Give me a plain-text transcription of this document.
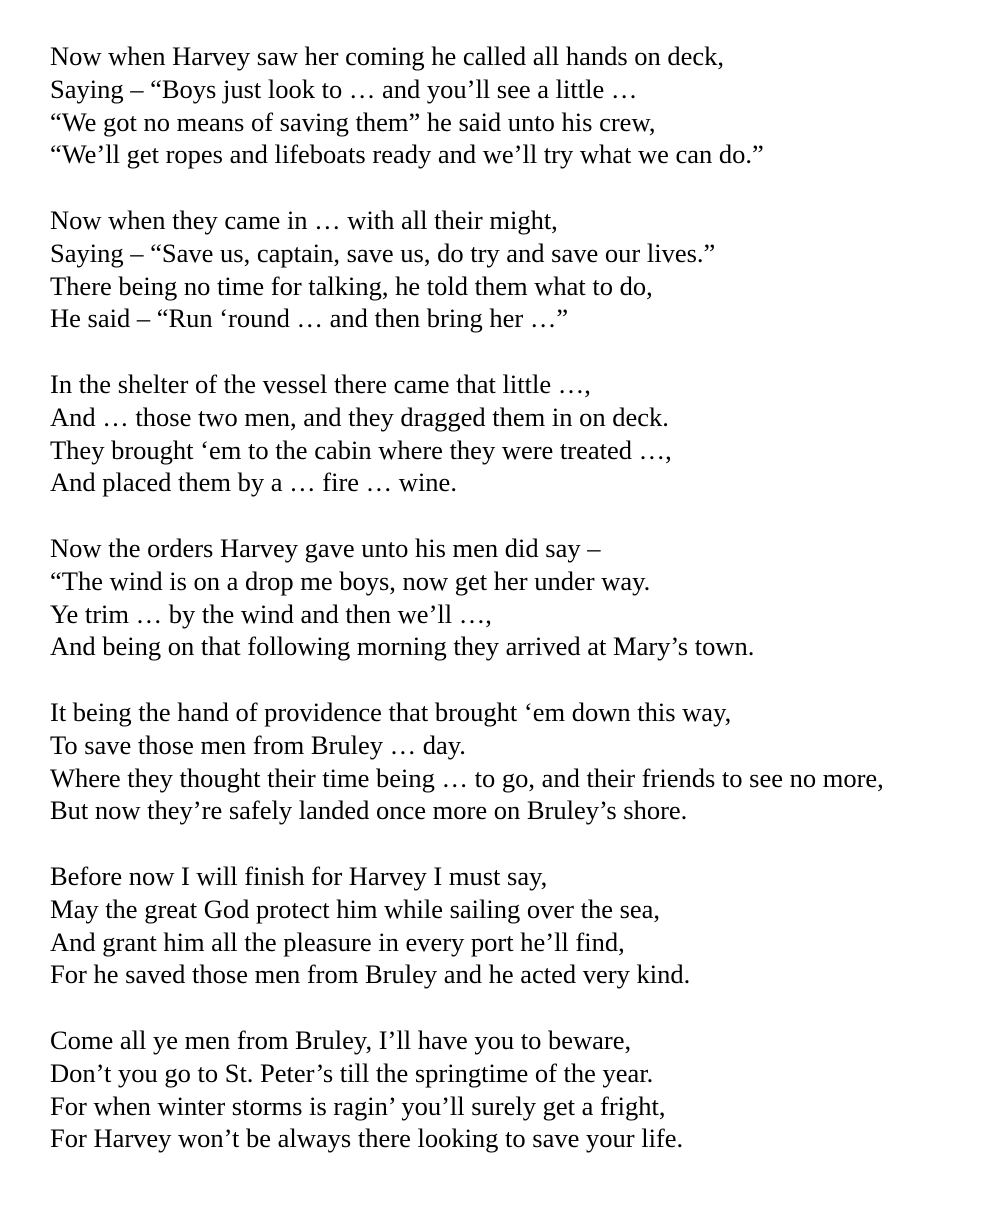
Now when Harvey saw her coming he called all hands on deck,
Saying – “Boys just look to … and you’ll see a little …
“We got no means of saving them” he said unto his crew,
“We’ll get ropes and lifeboats ready and we’ll try what we can do.”
Now when they came in … with all their might,
Saying – “Save us, captain, save us, do try and save our lives.”
There being no time for talking, he told them what to do,
He said – “Run ‘round … and then bring her …”
In the shelter of the vessel there came that little …,
And … those two men, and they dragged them in on deck.
They brought ‘em to the cabin where they were treated …,
And placed them by a … fire … wine.
Now the orders Harvey gave unto his men did say –
“The wind is on a drop me boys, now get her under way.
Ye trim … by the wind and then we’ll …,
And being on that following morning they arrived at Mary’s town.
It being the hand of providence that brought ‘em down this way,
To save those men from Bruley … day.
Where they thought their time being … to go, and their friends to see no more,
But now they’re safely landed once more on Bruley’s shore.
Before now I will finish for Harvey I must say,
May the great God protect him while sailing over the sea,
And grant him all the pleasure in every port he’ll find,
For he saved those men from Bruley and he acted very kind.
Come all ye men from Bruley, I’ll have you to beware,
Don’t you go to St. Peter’s till the springtime of the year.
For when winter storms is ragin’ you’ll surely get a fright,
For Harvey won’t be always there looking to save your life.
